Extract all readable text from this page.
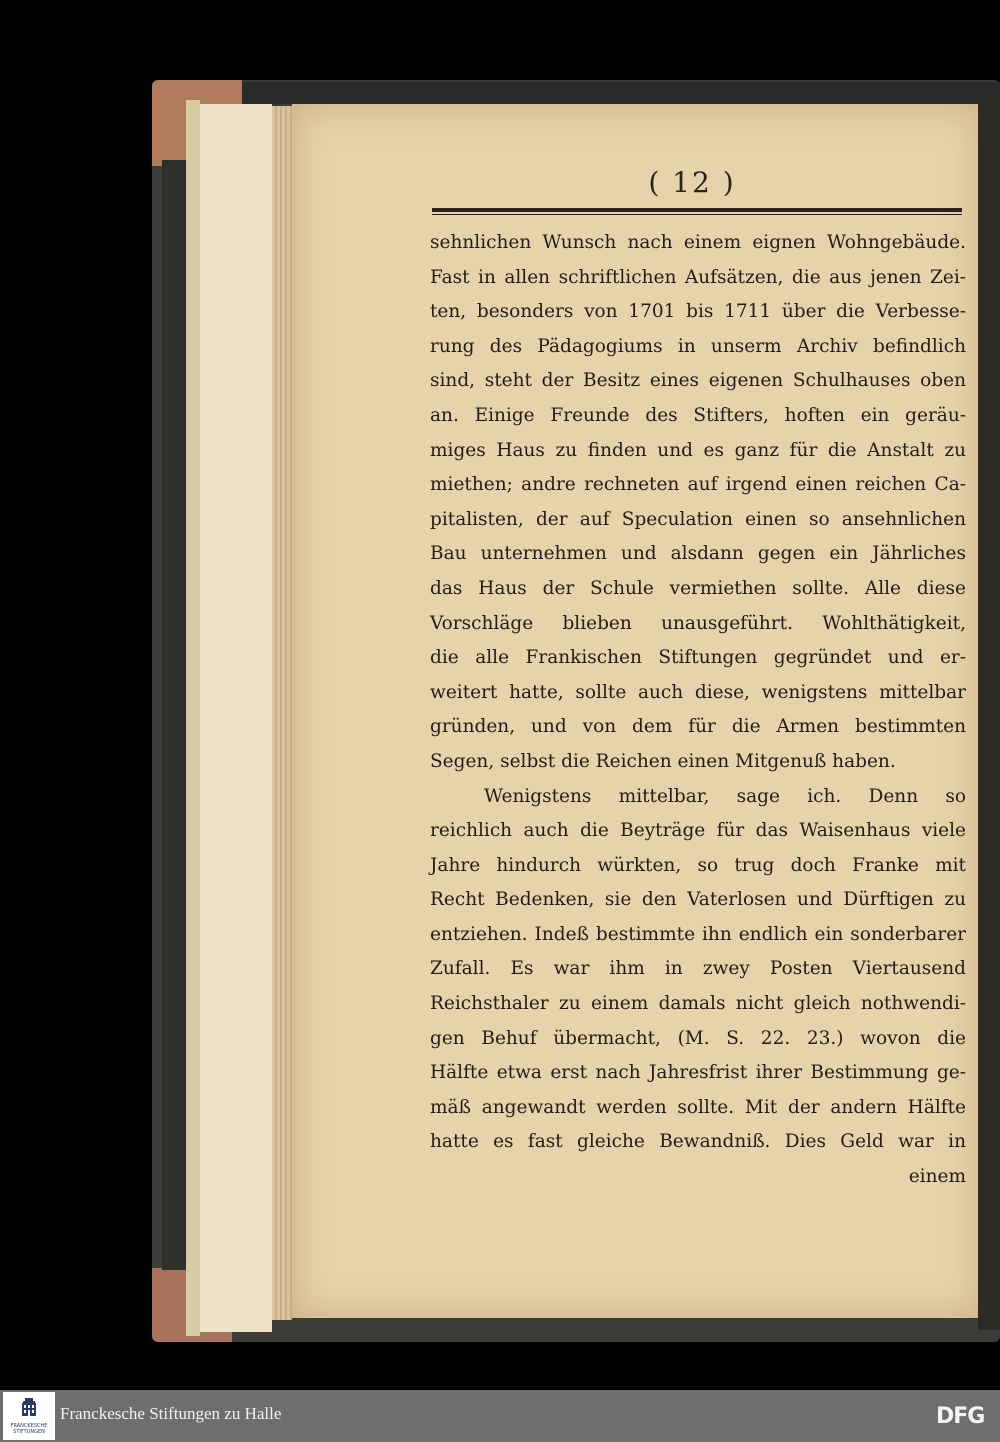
( 12 )
sehnlichen Wunsch nach einem eignen Wohngebäude.
Fast in allen schriftlichen Aufsätzen, die aus jenen Zei-
ten, besonders von 1701 bis 1711 über die Verbesse-
rung des Pädagogiums in unserm Archiv befindlich
sind, steht der Besitz eines eigenen Schulhauses oben
an. Einige Freunde des Stifters, hoften ein geräu-
miges Haus zu finden und es ganz für die Anstalt zu
miethen; andre rechneten auf irgend einen reichen Ca-
pitalisten, der auf Speculation einen so ansehnlichen
Bau unternehmen und alsdann gegen ein Jährliches
das Haus der Schule vermiethen sollte. Alle diese
Vorschläge blieben unausgeführt. Wohlthätigkeit,
die alle Frankischen Stiftungen gegründet und er-
weitert hatte, sollte auch diese, wenigstens mittelbar
gründen, und von dem für die Armen bestimmten
Segen, selbst die Reichen einen Mitgenuß haben.
Wenigstens mittelbar, sage ich. Denn so
reichlich auch die Beyträge für das Waisenhaus viele
Jahre hindurch würkten, so trug doch Franke mit
Recht Bedenken, sie den Vaterlosen und Dürftigen zu
entziehen. Indeß bestimmte ihn endlich ein sonderbarer
Zufall. Es war ihm in zwey Posten Viertausend
Reichsthaler zu einem damals nicht gleich nothwendi-
gen Behuf übermacht, (M. S. 22. 23.) wovon die
Hälfte etwa erst nach Jahresfrist ihrer Bestimmung ge-
mäß angewandt werden sollte. Mit der andern Hälfte
hatte es fast gleiche Bewandniß. Dies Geld war in
einem
FRANCKESCHE STIFTUNGEN
Franckesche Stiftungen zu Halle	DFG
